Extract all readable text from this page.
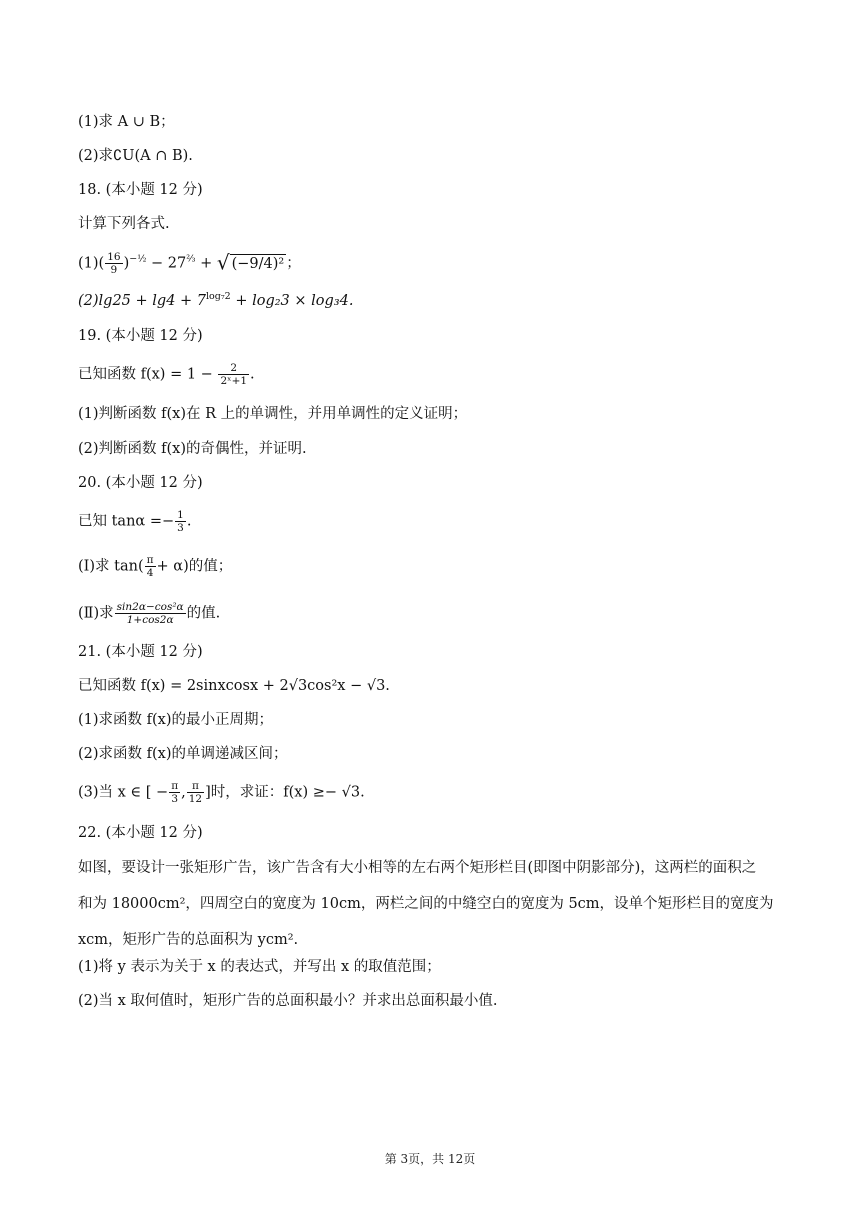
(1)求 A ∪ B；
(2)求∁U(A ∩ B).
18. (本小题 12 分)
计算下列各式.
$(1)( \frac{16}{9} )^{-\frac{1}{2}} - 27^{\frac{2}{3}}$ + √ (−9/4)² ；
$(2)\lg 25 + \lg 4 + 7^{log_72} + \log_23 \times \log_34$.
19. (本小题 12 分)
已知函数 $f(x) = 1 - \frac{2}{\text{2ˣ+1}}$ .
(1)判断函数 f(x)在 R 上的单调性，并用单调性的定义证明；
(2)判断函数 f(x)的奇偶性，并证明.
20. (本小题 12 分)
已知 $\tan\alpha =- \frac{1}{3}$ .
(Ⅰ)求 $\tan( \frac{\pi}{4} + \alpha)$的值；
(Ⅱ)求 $\frac{\text{sin2α−cos²α}}{1+\cos 2\alpha}$ 的值.
21. (本小题 12 分)
已知函数 f(x) = 2sinxcosx + 2√3cos²x − √3.
(1)求函数 f(x)的最小正周期；
(2)求函数 f(x)的单调递减区间；
(3)当 x ∈ [ − $\frac{\pi}{3}$ , $\frac{\pi}{12}$ ]时，求证：f(x) ≥− √3.
22. (本小题 12 分)
如图，要设计一张矩形广告，该广告含有大小相等的左右两个矩形栏目(即图中阴影部分)，这两栏的面积之
和为 18000cm²，四周空白的宽度为 10cm，两栏之间的中缝空白的宽度为 5cm，设单个矩形栏目的宽度为
xcm，矩形广告的总面积为 ycm².
(1)将 y 表示为关于 x 的表达式，并写出 x 的取值范围；
(2)当 x 取何值时，矩形广告的总面积最小？并求出总面积最小值.
第 3页，共 12页
